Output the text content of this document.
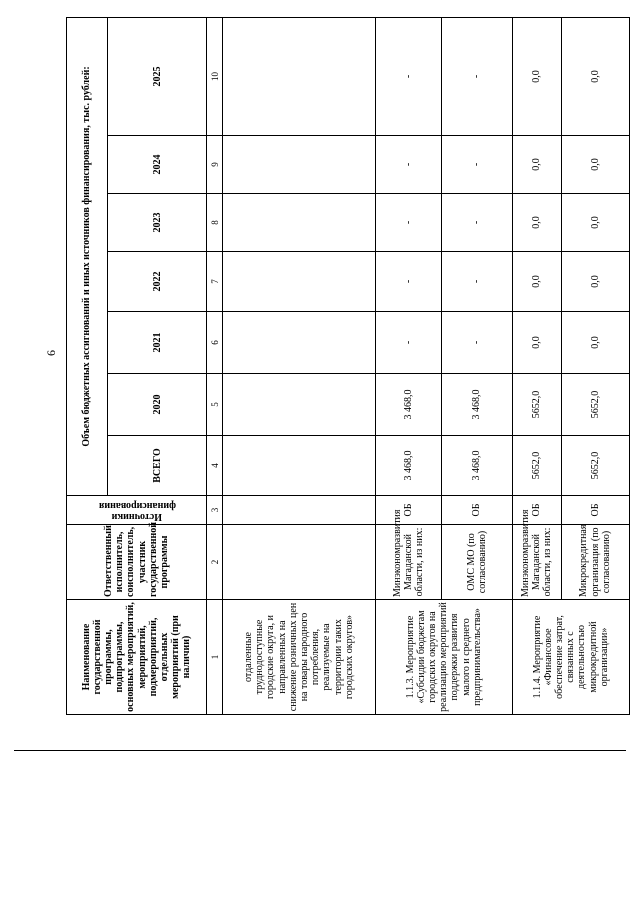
6
Наименование государственной программы, подпрограммы, основных мероприятий, мероприятий, подмероприятий, отдельных мероприятий (при наличии)	Ответственный исполнитель, соисполнитель, участник государственной программы	Источники финансирования	Объем бюджетных ассигнований и иных источников финансирования, тыс. рублей:						
			ВСЕГО	2020	2021	2022	2023	2024	2025
1	2	3	4	5	6	7	8	9	10
отдаленные труднодоступные городские округа, и направленных на снижение розничных цен на товары народного потребления, реализуемые на территории таких городских округов»									
1.1.3. Мероприятие «Субсидии бюджетам городских округов на реализацию мероприятий поддержки развития малого и среднего предпринимательства»	Минэкономразвития Магаданской области, из них:	ОБ	3 468,0	3 468,0	-	-	-	-	-
	ОМС МО (по согласованию)	ОБ	3 468,0	3 468,0	-	-	-	-	-
1.1.4. Мероприятие «Финансовое обеспечение затрат, связанных с деятельностью микрокредитной организации»	Минэкономразвития Магаданской области, из них:	ОБ	5652,0	5652,0	0,0	0,0	0,0	0,0	0,0
	Микрокредитная организация (по согласованию)	ОБ	5652,0	5652,0	0,0	0,0	0,0	0,0	0,0
